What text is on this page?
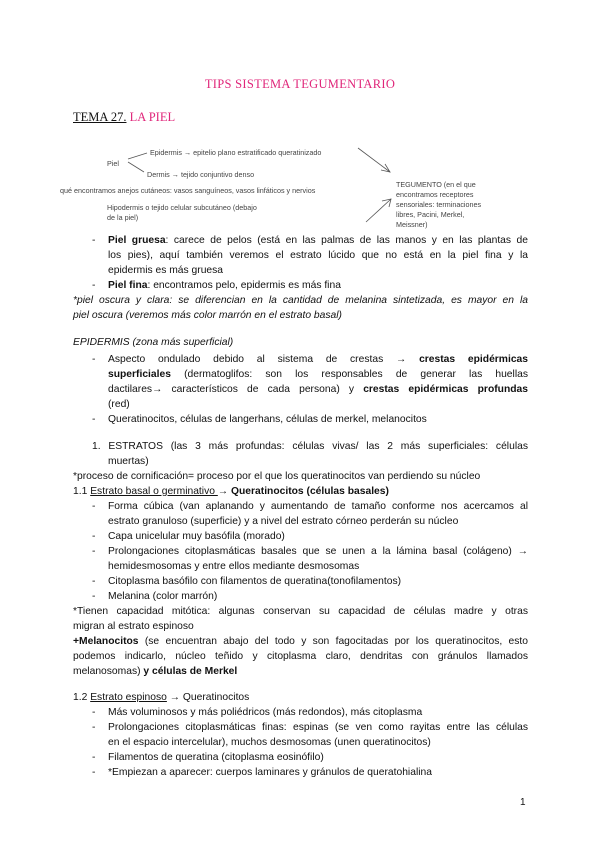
TIPS SISTEMA TEGUMENTARIO
TEMA 27. LA PIEL
Piel
Epidermis → epitelio plano estratificado queratinizado
Dermis → tejido conjuntivo denso
qué encontramos anejos cutáneos: vasos sanguíneos, vasos linfáticos y nervios
Hipodermis o tejido celular subcutáneo (debajo
de la piel)
TEGUMENTO (en el que
encontramos receptores
sensoriales: terminaciones
libres, Pacini, Merkel,
Meissner)
- Piel gruesa: carece de pelos (está en las palmas de las manos y en las plantas de
los pies), aquí también veremos el estrato lúcido que no está en la piel fina y la
epidermis es más gruesa
- Piel fina: encontramos pelo, epidermis es más fina
*piel oscura y clara: se diferencian en la cantidad de melanina sintetizada, es mayor en la
piel oscura (veremos más color marrón en el estrato basal)
EPIDERMIS (zona más superficial)
- Aspecto ondulado debido al sistema de crestas → crestas epidérmicas
superficiales (dermatoglifos: son los responsables de generar las huellas
dactilares→ característicos de cada persona) y crestas epidérmicas profundas
(red)
- Queratinocitos, células de langerhans, células de merkel, melanocitos
1. ESTRATOS (las 3 más profundas: células vivas/ las 2 más superficiales: células
muertas)
*proceso de cornificación= proceso por el que los queratinocitos van perdiendo su núcleo
1.1 Estrato basal o germinativo → Queratinocitos (células basales)
- Forma cúbica (van aplanando y aumentando de tamaño conforme nos acercamos al
estrato granuloso (superficie) y a nivel del estrato córneo perderán su núcleo
- Capa unicelular muy basófila (morado)
- Prolongaciones citoplasmáticas basales que se unen a la lámina basal (colágeno) →
hemidesmosomas y entre ellos mediante desmosomas
- Citoplasma basófilo con filamentos de queratina(tonofilamentos)
- Melanina (color marrón)
*Tienen capacidad mitótica: algunas conservan su capacidad de células madre y otras
migran al estrato espinoso
+Melanocitos (se encuentran abajo del todo y son fagocitadas por los queratinocitos, esto
podemos indicarlo, núcleo teñido y citoplasma claro, dendritas con gránulos llamados
melanosomas) y células de Merkel
1.2 Estrato espinoso → Queratinocitos
- Más voluminosos y más poliédricos (más redondos), más citoplasma
- Prolongaciones citoplasmáticas finas: espinas (se ven como rayitas entre las células
en el espacio intercelular), muchos desmosomas (unen queratinocitos)
- Filamentos de queratina (citoplasma eosinófilo)
- *Empiezan a aparecer: cuerpos laminares y gránulos de queratohialina
1
